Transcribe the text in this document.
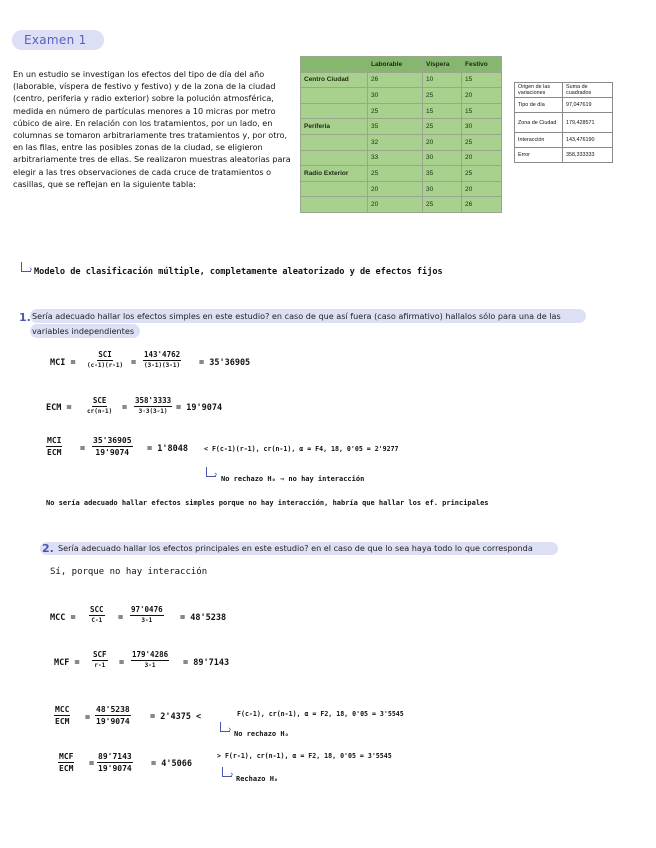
Examen 1

En un estudio se investigan los efectos del tipo de día del año (laborable, víspera de festivo y festivo) y de la zona de la ciudad (centro, periferia y radio exterior) sobre la polución atmosférica, medida en número de partículas menores a 10 micras por metro cúbico de aire. En relación con los tratamientos, por un lado, en columnas se tomaron arbitrariamente tres tratamientos y, por otro, en las filas, entre las posibles zonas de la ciudad, se eligieron arbitrariamente tres de ellas. Se realizaron muestras aleatorias para elegir a las tres observaciones de cada cruce de tratamientos o casillas, que se reflejan en la siguiente tabla:

	Laborable	Víspera	Festivo
Centro Ciudad	26	10	15
	30	25	20
	25	15	15
Periferia	35	25	30
	32	20	25
	33	30	20
Radio Exterior	25	35	25
	20	30	20
	20	25	26
Origen de las variaciones	Suma de cuadrados
Tipo de día	97,047619
Zona de Ciudad	179,428571
Interacción	143,476190
Error	358,333333
› Modelo de clasificación múltiple, completamente aleatorizado y de efectos fijos
1. Sería adecuado hallar los efectos simples en este estudio? en caso de que así fuera (caso afirmativo) hallalos sólo para una de las variables independientes
MCI =
SCI
(c-1)(r-1) =
143'4762
(3-1)(3-1) = 35'36905
ECM =
SCE
cr(n-1) =
358'3333
3·3(3-1) = 19'9074
MCI
ECM = $\frac{35'36905}{19'9074} = 1'8048 < F(c-1)(r-1)$, cr(n-1), α = F4, 18, 0'05 = 2'9277
› No rechazo Hₒ ⇒ no hay interacción
No sería adecuado hallar efectos simples porque no hay interacción, habría que hallar los ef. principales
2. Sería adecuado hallar los efectos principales en este estudio? en el caso de que lo sea haya todo lo que corresponda
Sí, porque no hay interacción
MCC =
SCC
C-1 =
97'0476
3-1	= 48'5238
MCF =
SCF
r-1 =
179'4286
3-1	= 89'7143
MCC
ECM = $\frac{48'5238}{19'9074} = 2'4375$ <	F(c-1), cr(n-1), α = F2, 18, 0'05 = 3'5545
› No rechazo Hₒ
MCF
ECM = $\frac{89'7143}{19'9074} = 4'5066$
> F(r-1), cr(n-1), α = F2, 18, 0'05 = 3'5545
› Rechazo Hₒ
